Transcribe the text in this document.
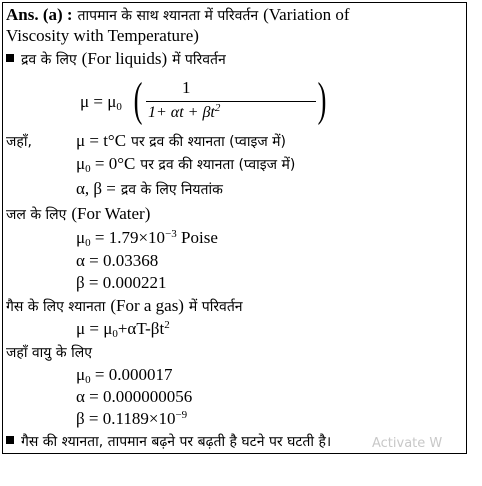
Ans. (a) : तापमान के साथ श्यानता में परिवर्तन (Variation of
Viscosity with Temperature)
द्रव के लिए (For liquids) में परिवर्तन
$\mu = \mu_0$ ( 1
$1+ \alpha t + \beta t^2$ )
जहाँ,	μ = t°C पर द्रव की श्यानता (प्वाइज में)
$\mu_0 = 0^\circ C$ पर द्रव की श्यानता (प्वाइज में)
α, β = द्रव के लिए नियतांक
जल के लिए (For Water)
$\mu_0 = 1.79\times 10^{-3}$ Poise
α = 0.03368
β = 0.000221
गैस के लिए श्यानता (For a gas) में परिवर्तन
$\mu = \mu_0+\alpha T-\beta t^2$
जहाँ वायु के लिए
$\mu_0 = 0.000017$
α = 0.000000056
$\beta = 0.1189\times 10^{-9}$
गैस की श्यानता, तापमान बढ़ने पर बढ़ती है घटने पर घटती है।	Activate W
